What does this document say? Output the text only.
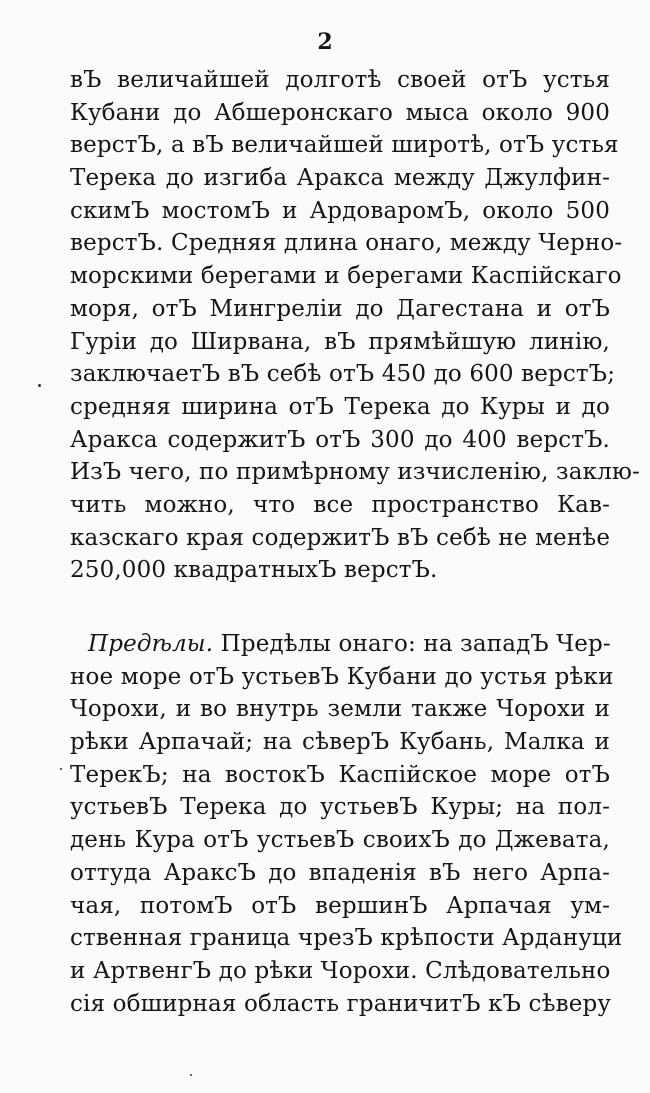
2
вЪ величайшей долготѣ своей отЪ устья
Кубани до Абшеронскаго мыса около 900
верстЪ, а вЪ величайшей широтѣ, отЪ устья
Терека до изгиба Аракса между Джулфин-
скимЪ мостомЪ и АрдоваромЪ, около 500
верстЪ. Средняя длина онаго, между Черно-
морскими берегами и берегами Каспійскаго
моря, отЪ Мингреліи до Дагестана и отЪ
Гуріи до Ширвана, вЪ прямѣйшую линію,
заключаетЪ вЪ себѣ отЪ 450 до 600 верстЪ;
средняя ширина отЪ Терека до Куры и до
Аракса содержитЪ отЪ 300 до 400 верстЪ.
ИзЪ чего, по примѣрному изчисленію, заклю-
чить можно, что все пространство Кав-
казскаго края содержитЪ вЪ себѣ не менѣе
250,000 квадратныхЪ верстЪ.
Предѣлы. Предѣлы онаго: на западЪ Чер-
ное море отЪ устьевЪ Кубани до устья рѣки
Чорохи, и во внутрь земли также Чорохи и
рѣки Арпачай; на сѣверЪ Кубань, Малка и
ТерекЪ; на востокЪ Каспійское море отЪ
устьевЪ Терека до устьевЪ Куры; на пол-
день Кура отЪ устьевЪ своихЪ до Джевата,
оттуда АраксЪ до впаденія вЪ него Арпа-
чая, потомЪ отЪ вершинЪ Арпачая ум-
ственная граница чрезЪ крѣпости Ардануци
и АртвенгЪ до рѣки Чорохи. Слѣдовательно
сія обширная область граничитЪ кЪ сѣверу
